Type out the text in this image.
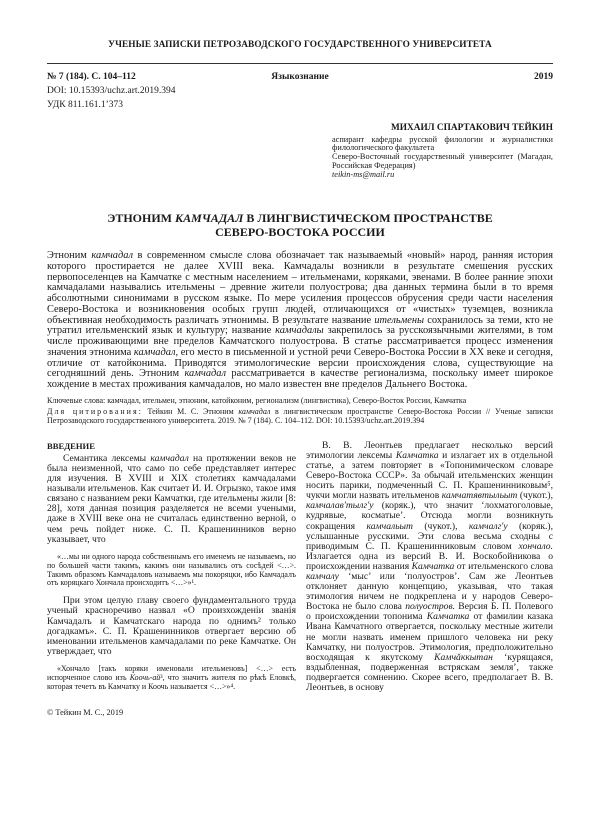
УЧЕНЫЕ ЗАПИСКИ ПЕТРОЗАВОДСКОГО ГОСУДАРСТВЕННОГО УНИВЕРСИТЕТА
№ 7 (184). С. 104–112	Языкознание	2019
DOI: 10.15393/uchz.art.2019.394
УДК 811.161.1’373
МИХАИЛ СПАРТАКОВИЧ ТЕЙКИН
аспирант кафедры русской филологии и журналистики филологического факультета
Северо-Восточный государственный университет (Магадан, Российская Федерация)
teikin-ms@mail.ru
ЭТНОНИМ КАМЧАДАЛ В ЛИНГВИСТИЧЕСКОМ ПРОСТРАНСТВЕ
СЕВЕРО-ВОСТОКА РОССИИ
Этноним камчадал в современном смысле слова обозначает так называемый «новый» народ, ранняя история которого простирается не далее XVIII века. Камчадалы возникли в результате смешения русских первопоселенцев на Камчатке с местным населением – ительменами, коряками, эвенами. В более ранние эпохи камчадалами назывались ительмены – древние жители полуострова; два данных термина были в то время абсолютными синонимами в русском языке. По мере усиления процессов обрусения среди части населения Северо-Востока и возникновения особых групп людей, отличающихся от «чистых» туземцев, возникла объективная необходимость различать этнонимы. В результате название ительмены сохранилось за теми, кто не утратил ительменский язык и культуру; название камчадалы закрепилось за русскоязычными жителями, в том числе проживающими вне пределов Камчатского полуострова. В статье рассматривается процесс изменения значения этнонима камчадал, его место в письменной и устной речи Северо-Востока России в XX веке и сегодня, отличие от катойконима. Приводятся этимологические версии происхождения слова, существующие на сегодняшний день. Этноним камчадал рассматривается в качестве регионализма, поскольку имеет широкое хождение в местах проживания камчадалов, но мало известен вне пределов Дальнего Востока.
Ключевые слова: камчадал, ительмен, этноним, катойконим, регионализм (лингвистика), Северо-Восток России, Камчатка
Для цитирования: Тейкин М. С. Этноним камчадал в лингвистическом пространстве Северо-Востока России // Ученые записки Петрозаводского государственного университета. 2019. № 7 (184). С. 104–112. DOI: 10.15393/uchz.art.2019.394
ВВЕДЕНИЕ

Семантика лексемы камчадал на протяжении веков не была неизменной, что само по себе представляет интерес для изучения. В XVIII и XIX столетиях камчадалами называли ительменов. Как считает И. И. Огрызко, такое имя связано с названием реки Камчатки, где ительмены жили [8: 28], хотя данная позиция разделяется не всеми учеными, даже в XVIII веке она не считалась единственно верной, о чем речь пойдет ниже. С. П. Крашенинников верно указывает, что

«…мы ни одного народа собственнымъ его именемъ не называемъ, но по большей части такимъ, какимъ они назывались отъ сосѣдей <…>. Такимъ образомъ Камчадаловъ называемъ мы покоряцки, ибо Камчадалъ отъ коряцкаго Хончала происходитъ <…>»¹.

При этом целую главу своего фундаментального труда ученый красноречиво назвал «О произхожденiи званiя Камчадалъ и Камчатскаго народа по однимъ² только догадкамъ». С. П. Крашенинников отвергает версию об именовании ительменов камчадалами по реке Камчатке. Он утверждает, что

«Хончало [такъ коряки именовали ительменовъ] <…> есть испорченное слово изъ Коочь-ай³, что значитъ жителя по рѣкѣ Еловкѣ, которая течетъ въ Камчатку и Коочь называется <…>»⁴.

© Тейкин М. С., 2019

В. В. Леонтьев предлагает несколько версий этимологии лексемы Камчатка и излагает их в отдельной статье, а затем повторяет в «Топонимическом словаре Северо-Востока СССР». За обычай ительменских женщин носить парики, подмеченный С. П. Крашенинниковым⁵, чукчи могли назвать ительменов камчатявтыльыт (чукот.), камчалав'тылг'у (коряк.), что значит ‘лохматоголовые, кудрявые, косматые’. Отсюда могли возникнуть сокращения камчальыт (чукот.), камчалг'у (коряк.), услышанные русскими. Эти слова весьма сходны с приводимым С. П. Крашенинниковым словом хончало. Излагается одна из версий В. И. Воскобойникова о происхождении названия Камчатка от ительменского слова камчалу ‘мыс’ или ‘полуостров’. Сам же Леонтьев отклоняет данную концепцию, указывая, что такая этимология ничем не подкреплена и у народов Северо-Востока не было слова полуостров. Версия Б. П. Полевого о происхождении топонима Камчатка от фамилии казака Ивана Камчатного отвергается, поскольку местные жители не могли назвать именем пришлого человека ни реку Камчатку, ни полуостров. Этимология, предположительно восходящая к якутскому Камчăккытан ‘курящаяся, вздыбленная, подверженная встряскам земля’, также подвергается сомнению. Скорее всего, предполагает В. В. Леонтьев, в основу
